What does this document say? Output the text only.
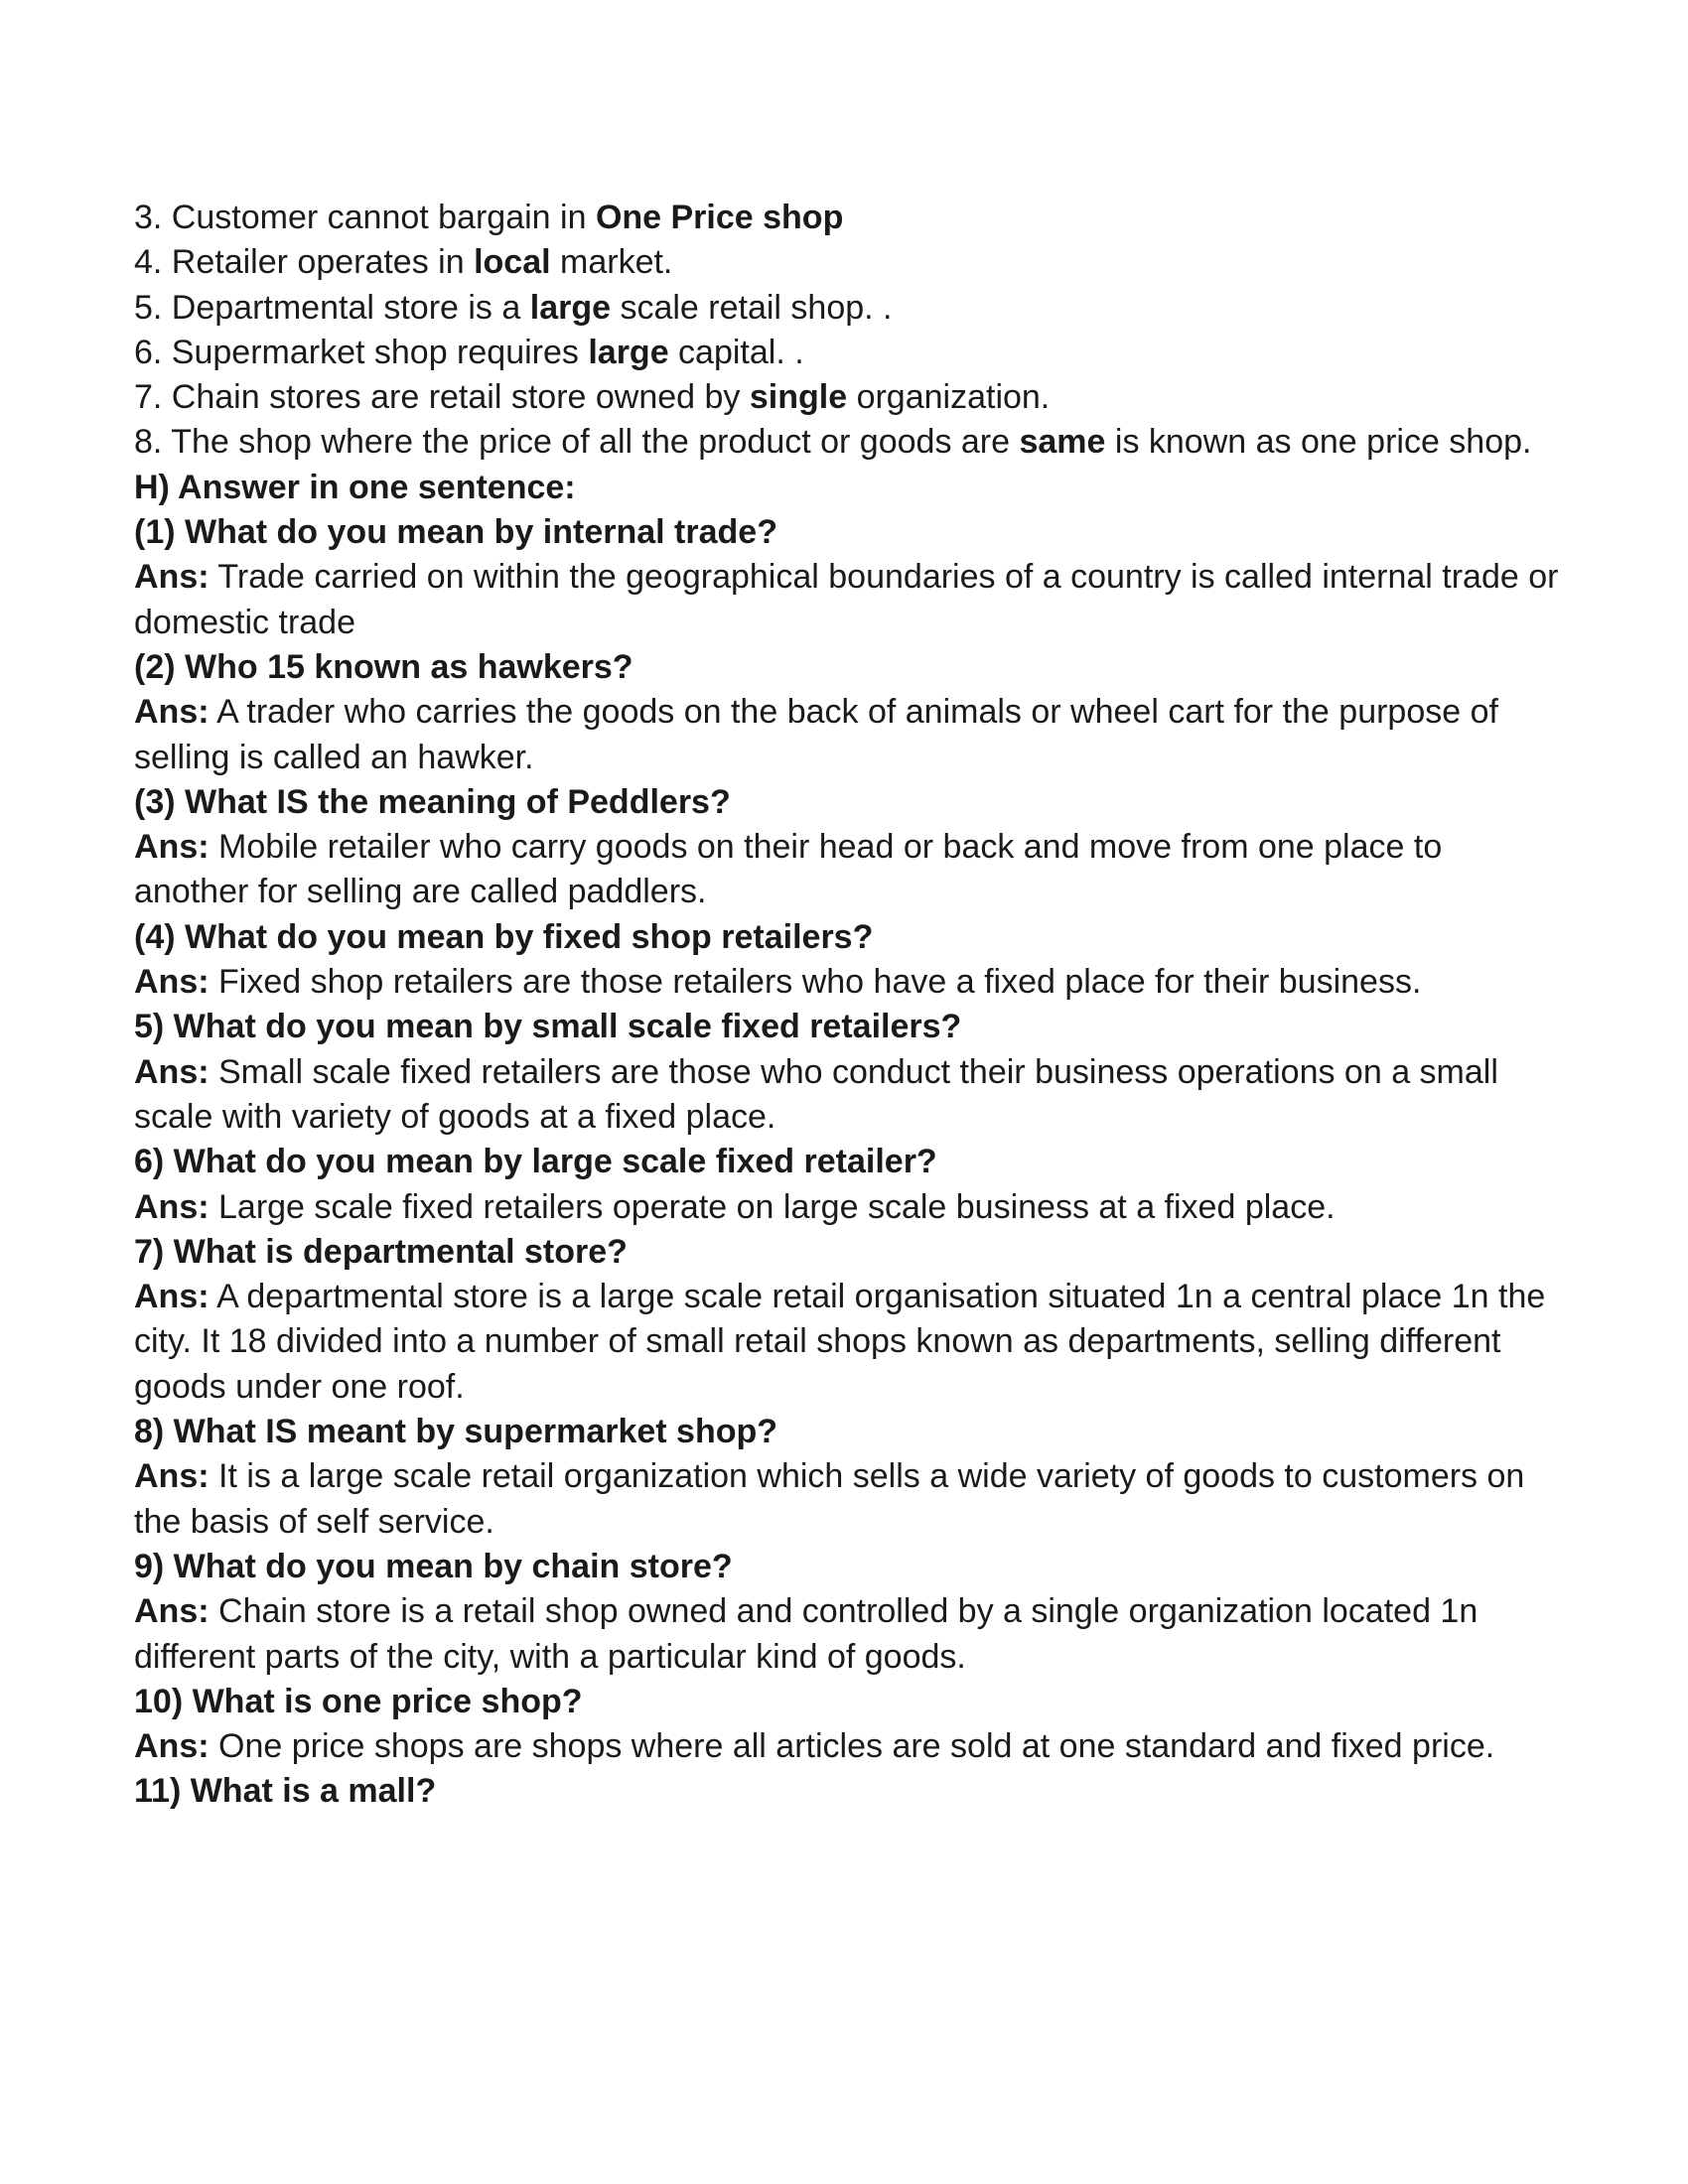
3. Customer cannot bargain in One Price shop

4. Retailer operates in local market.

5. Departmental store is a large scale retail shop. .

6. Supermarket shop requires large capital. .

7. Chain stores are retail store owned by single organization.

8. The shop where the price of all the product or goods are same is known as one price shop.

H) Answer in one sentence:

(1) What do you mean by internal trade?

Ans: Trade carried on within the geographical boundaries of a country is called internal trade or domestic trade

(2) Who 15 known as hawkers?

Ans: A trader who carries the goods on the back of animals or wheel cart for the purpose of selling is called an hawker.

(3) What IS the meaning of Peddlers?

Ans: Mobile retailer who carry goods on their head or back and move from one place to another for selling are called paddlers.

(4) What do you mean by fixed shop retailers?

Ans: Fixed shop retailers are those retailers who have a fixed place for their business.

5) What do you mean by small scale fixed retailers?

Ans: Small scale fixed retailers are those who conduct their business operations on a small scale with variety of goods at a fixed place.

6) What do you mean by large scale fixed retailer?

Ans: Large scale fixed retailers operate on large scale business at a fixed place.

7) What is departmental store?

Ans: A departmental store is a large scale retail organisation situated 1n a central place 1n the city. It 18 divided into a number of small retail shops known as departments, selling different goods under one roof.

8) What IS meant by supermarket shop?

Ans: It is a large scale retail organization which sells a wide variety of goods to customers on the basis of self service.

9) What do you mean by chain store?

Ans: Chain store is a retail shop owned and controlled by a single organization located 1n different parts of the city, with a particular kind of goods.

10) What is one price shop?

Ans: One price shops are shops where all articles are sold at one standard and fixed price.

11) What is a mall?
